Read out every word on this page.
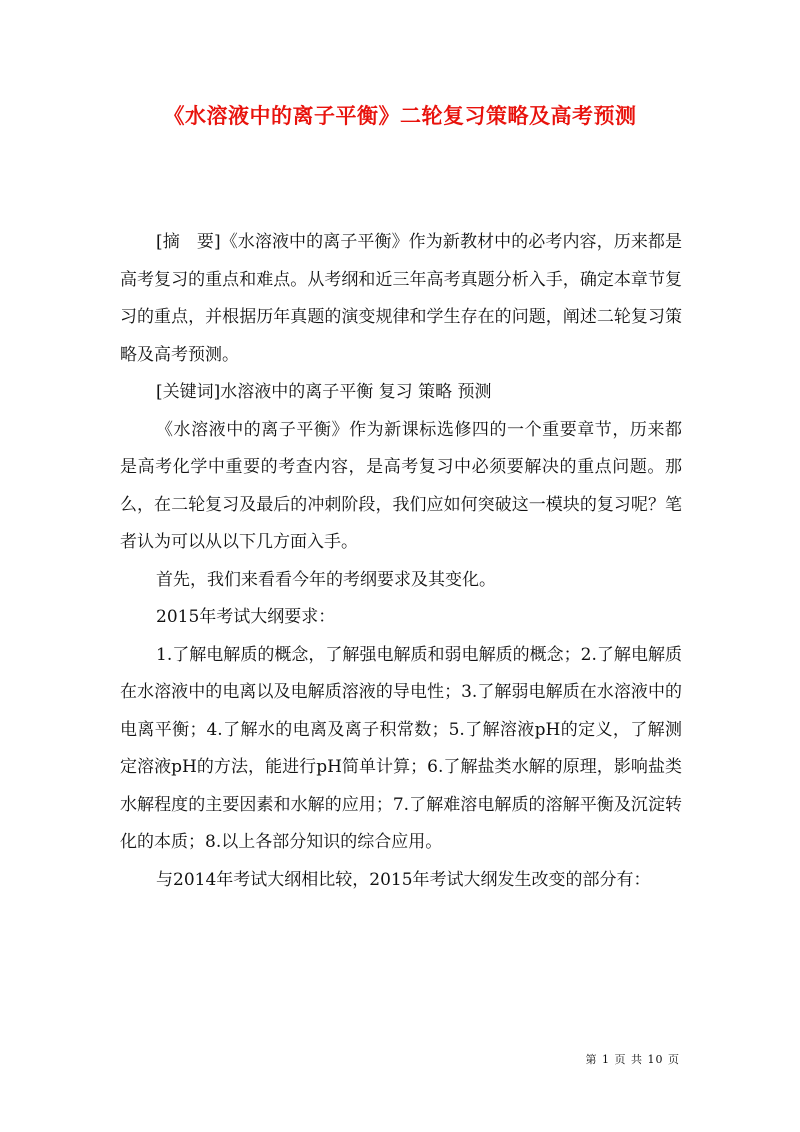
《水溶液中的离子平衡》二轮复习策略及高考预测

[摘　要]《水溶液中的离子平衡》作为新教材中的必考内容，历来都是高考复习的重点和难点。从考纲和近三年高考真题分析入手，确定本章节复习的重点，并根据历年真题的演变规律和学生存在的问题，阐述二轮复习策略及高考预测。

[关键词]水溶液中的离子平衡 复习 策略 预测

《水溶液中的离子平衡》作为新课标选修四的一个重要章节，历来都是高考化学中重要的考查内容，是高考复习中必须要解决的重点问题。那么，在二轮复习及最后的冲刺阶段，我们应如何突破这一模块的复习呢？笔者认为可以从以下几方面入手。

首先，我们来看看今年的考纲要求及其变化。

2015年考试大纲要求：

1.了解电解质的概念，了解强电解质和弱电解质的概念；2.了解电解质在水溶液中的电离以及电解质溶液的导电性；3.了解弱电解质在水溶液中的电离平衡；4.了解水的电离及离子积常数；5.了解溶液pH的定义，了解测定溶液pH的方法，能进行pH简单计算；6.了解盐类水解的原理，影响盐类水解程度的主要因素和水解的应用；7.了解难溶电解质的溶解平衡及沉淀转化的本质；8.以上各部分知识的综合应用。

与2014年考试大纲相比较，2015年考试大纲发生改变的部分有：

第 1 页 共 10 页
